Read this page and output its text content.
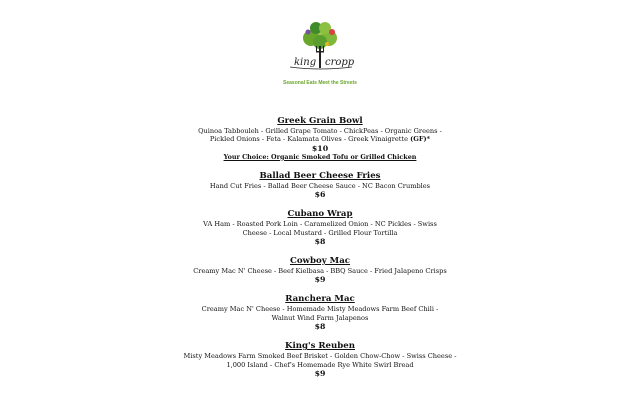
king cropp
Seasonal Eats Meet the Streets
Greek Grain Bowl
Quinoa Tabbouleh - Grilled Grape Tomato - ChickPeas - Organic Greens - Pickled Onions - Feta - Kalamata Olives - Greek Vinaigrette (GF)*
$10
Your Choice: Organic Smoked Tofu or Grilled Chicken
Ballad Beer Cheese Fries
Hand Cut Fries - Ballad Beer Cheese Sauce - NC Bacon Crumbles
$6
Cubano Wrap
VA Ham - Roasted Pork Loin - Caramelized Onion - NC Pickles - Swiss Cheese - Local Mustard - Grilled Flour Tortilla
$8
Cowboy Mac
Creamy Mac N' Cheese - Beef Kielbasa - BBQ Sauce - Fried Jalapeno Crisps
$9
Ranchera Mac
Creamy Mac N' Cheese - Homemade Misty Meadows Farm Beef Chili - Walnut Wind Farm Jalapenos
$8
King's Reuben
Misty Meadows Farm Smoked Beef Brisket - Golden Chow-Chow - Swiss Cheese - 1,000 Island - Chef's Homemade Rye White Swirl Bread
$9
